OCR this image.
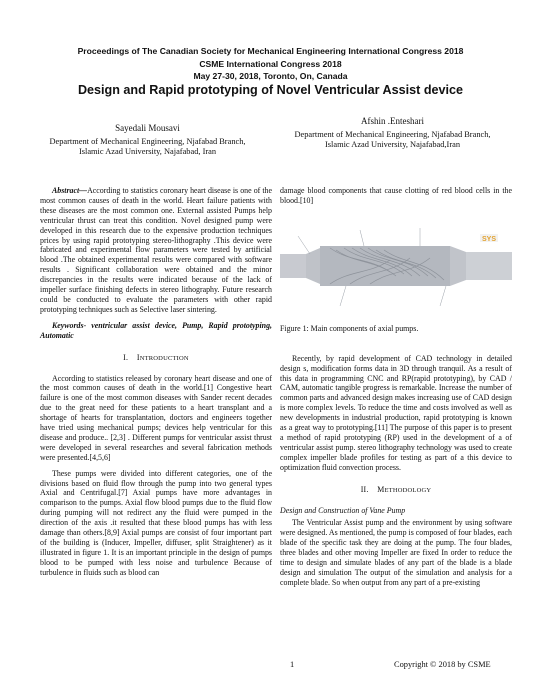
Proceedings of The Canadian Society for Mechanical Engineering International Congress 2018
CSME International Congress 2018
May 27-30, 2018, Toronto, On, Canada
Design and Rapid prototyping of Novel Ventricular Assist device
Sayedali Mousavi
Department of Mechanical Engineering, Njafabad Branch,
Islamic Azad University, Najafabad, Iran
Afshin .Enteshari
Department of Mechanical Engineering, Njafabad Branch,
Islamic Azad University, Najafabad,Iran

Abstract—According to statistics coronary heart disease is one of the most common causes of death in the world. Heart failure patients with these diseases are the most common one. External assisted Pumps help ventricular thrust can treat this condition. Novel designed pump were developed in this research due to the expensive production techniques prices by using rapid prototyping stereo-lithography .This device were fabricated and experimental flow parameters were tested by artificial blood .The obtained experimental results were compared with software results . Significant collaboration were obtained and the minor discrepancies in the results were indicated because of the lack of impeller surface finishing defects in stereo lithography. Future research could be conducted to evaluate the parameters with other rapid prototyping techniques such as Selective laser sintering.

Keywords- ventricular assist device, Pump, Rapid prototyping, Automatic

I. INTRODUCTION

According to statistics released by coronary heart disease and one of the most common causes of death in the world.[1] Congestive heart failure is one of the most common diseases with Sander recent decades due to the great need for these patients to a heart transplant and a shortage of hearts for transplantation, doctors and engineers together have tried using mechanical pumps; devices help ventricular for this disease and produce.. [2,3] . Different pumps for ventricular assist thrust were developed in several researches and several fabrication methods were presented.[4,5,6]

These pumps were divided into different categories, one of the divisions based on fluid flow through the pump into two general types Axial and Centrifugal.[7] Axial pumps have more advantages in comparison to the pumps. Axial flow blood pumps due to the fluid flow during pumping will not redirect any the fluid were pumped in the direction of the axis .it resulted that these blood pumps has with less damage than others.[8,9] Axial pumps are consist of four important part of the building is (Inducer, Impeller, diffuser, split Straightener) as it illustrated in figure 1. It is an important principle in the design of pumps blood to be pumped with less noise and turbulence Because of turbulence in fluids such as blood can

damage blood components that cause clotting of red blood cells in the blood.[10]

SYS

Figure 1: Main components of axial pumps.

Recently, by rapid development of CAD technology in detailed design s, modification forms data in 3D through tranquil. As a result of this data in programming CNC and RP(rapid prototyping), by CAD / CAM, automatic tangible progress is remarkable. Increase the number of common parts and advanced design makes increasing use of CAD design is more complex levels. To reduce the time and costs involved as well as new developments in industrial production, rapid prototyping is known as a great way to prototyping.[11] The purpose of this paper is to present a method of rapid prototyping (RP) used in the development of a of ventricular assist pump. stereo lithography technology was used to create complex impeller blade profiles for testing as part of a this device to optimization fluid convection process.

II. METHODOLOGY

Design and Construction of Vane Pump

The Ventricular Assist pump and the environment by using software were designed. As mentioned, the pump is composed of four blades, each blade of the specific task they are doing at the pump. The four blades, three blades and other moving Impeller are fixed In order to reduce the time to design and simulate blades of any part of the blade is a blade design and simulation The output of the simulation and analysis for a complete blade. So when output from any part of a pre-existing

1	Copyright © 2018 by CSME
